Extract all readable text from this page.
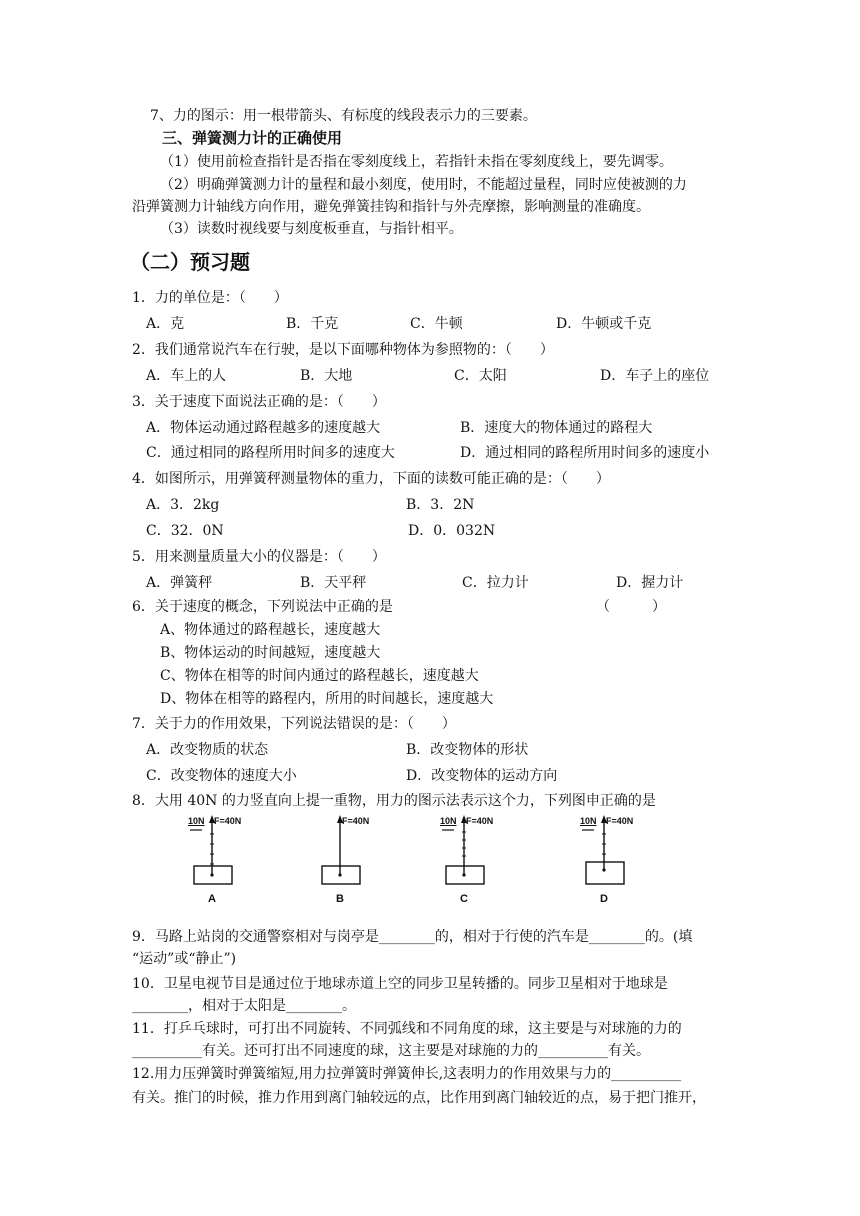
7、力的图示：用一根带箭头、有标度的线段表示力的三要素。
三、弹簧测力计的正确使用
（1）使用前检查指针是否指在零刻度线上，若指针未指在零刻度线上，要先调零。
（2）明确弹簧测力计的量程和最小刻度，使用时，不能超过量程，同时应使被测的力
沿弹簧测力计轴线方向作用，避免弹簧挂钩和指针与外壳摩擦，影响测量的准确度。
（3）读数时视线要与刻度板垂直，与指针相平。
（二）预习题
1．力的单位是：（　　）
A．克	B．千克	C．牛顿	D．牛顿或千克
2．我们通常说汽车在行驶，是以下面哪种物体为参照物的：（　　）
A．车上的人	B．大地	C．太阳	D．车子上的座位
3．关于速度下面说法正确的是：（　　）
A．物体运动通过路程越多的速度越大	B．速度大的物体通过的路程大
C．通过相同的路程所用时间多的速度大	D．通过相同的路程所用时间多的速度小
4．如图所示，用弹簧秤测量物体的重力，下面的读数可能正确的是：（　　）
A．3．2kg	B．3．2N
C．32．0N	D．0．032N
5．用来测量质量大小的仪器是：（　　）
A．弹簧秤	B．天平秤	C．拉力计	D．握力计
6．关于速度的概念，下列说法中正确的是	（　　　）
A、物体通过的路程越长，速度越大
B、物体运动的时间越短，速度越大
C、物体在相等的时间内通过的路程越长，速度越大
D、物体在相等的路程内，所用的时间越长，速度越大
7．关于力的作用效果，下列说法错误的是：（　　）
A．改变物质的状态	B．改变物体的形状
C．改变物体的速度大小	D．改变物体的运动方向
8．大用 40N 的力竖直向上提一重物，用力的图示法表示这个力，下列图申正确的是
10N F=40N
A
F=40N
B
10N F=40N
C
10N F=40N
D
9．马路上站岗的交通警察相对与岗亭是________的，相对于行使的汽车是________的。(填
“运动”或“静止”)
10．卫星电视节目是通过位于地球赤道上空的同步卫星转播的。同步卫星相对于地球是
________，相对于太阳是________。
11．打乒乓球时，可打出不同旋转、不同弧线和不同角度的球，这主要是与对球施的力的
__________有关。还可打出不同速度的球，这主要是对球施的力的__________有关。
12.用力压弹簧时弹簧缩短,用力拉弹簧时弹簧伸长,这表明力的作用效果与力的__________
有关。推门的时候，推力作用到离门轴较远的点，比作用到离门轴较近的点，易于把门推开，
